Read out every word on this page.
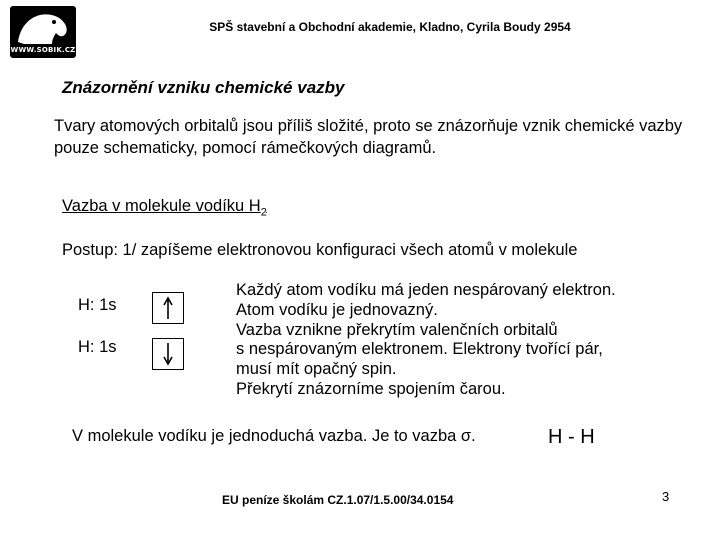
WWW.SOBIK.CZ
SPŠ stavební a Obchodní akademie, Kladno, Cyrila Boudy 2954
Znázornění vzniku chemické vazby
Tvary atomových orbitalů jsou příliš složité, proto se znázorňuje vznik chemické vazby pouze schematicky, pomocí rámečkových diagramů.
Vazba v molekule vodíku $H_2$
Postup: 1/ zapíšeme elektronovou konfiguraci všech atomů v molekule
H: 1s
H: 1s
Každý atom vodíku má jeden nespárovaný elektron.
Atom vodíku je jednovazný.
Vazba vznikne překrytím valenčních orbitalů
s nespárovaným elektronem. Elektrony tvořící pár,
musí mít opačný spin.
Překrytí znázorníme spojením čarou.
V molekule vodíku je jednoduchá vazba. Je to vazba σ.	H - H
EU peníze školám CZ.1.07/1.5.00/34.0154	3
